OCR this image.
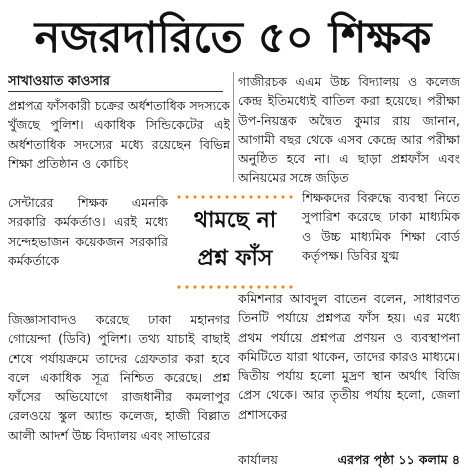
নজরদারিতে ৫০ শিক্ষক
সাখাওয়াত কাওসার

প্রশ্নপত্র ফাঁসকারী চক্রের অর্ধশতাধিক সদস্যকে খুঁজছে পুলিশ। একাধিক সিন্ডিকেটের এই অর্ধশতাধিক সদস্যের মধ্যে রয়েছেন বিভিন্ন শিক্ষা প্রতিষ্ঠান ও কোচিং

সেন্টারের শিক্ষক এমনকি সরকারি কর্মকর্তাও। এরই মধ্যে সন্দেহভাজন কয়েকজন সরকারি কর্মকর্তাকে

জিজ্ঞাসাবাদও করেছে ঢাকা মহানগর গোয়েন্দা (ডিবি) পুলিশ। তথ্য যাচাই বাছাই শেষে পর্যায়ক্রমে তাদের গ্রেফতার করা হবে বলে একাধিক সূত্র নিশ্চিত করেছে। প্রশ্ন ফাঁসের অভিযোগে রাজধানীর কমলাপুর রেলওয়ে স্কুল অ্যান্ড কলেজ, হাজী বিল্লাত আলী আদর্শ উচ্চ বিদ্যালয় এবং সাভারের

থামছে না
প্রশ্ন ফাঁস

গাজীরচক এএম উচ্চ বিদ্যালয় ও কলেজ কেন্দ্র ইতিমধ্যেই বাতিল করা হয়েছে। পরীক্ষা উপ-নিয়ন্ত্রক অদ্বৈত কুমার রায় জানান, আগামী বছর থেকে এসব কেন্দ্রে আর পরীক্ষা অনুষ্ঠিত হবে না। এ ছাড়া প্রশ্নফাঁস এবং অনিয়মের সঙ্গে জড়িত

শিক্ষকদের বিরুদ্ধে ব্যবস্থা নিতে সুপারিশ করেছে ঢাকা মাধ্যমিক ও উচ্চ মাধ্যমিক শিক্ষা বোর্ড কর্তৃপক্ষ। ডিবির যুগ্ম

কমিশনার আবদুল বাতেন বলেন, সাধারণত তিনটি পর্যায়ে প্রশ্নপত্র ফাঁস হয়। এর মধ্যে প্রথম পর্যায়ে প্রশ্নপত্র প্রণয়ন ও ব্যবস্থাপনা কমিটিতে যারা থাকেন, তাদের কারও মাধ্যমে। দ্বিতীয় পর্যায় হলো মুদ্রণ স্থান অর্থাৎ বিজি প্রেস থেকে। আর তৃতীয় পর্যায় হলো, জেলা প্রশাসকের

কার্যালয়	এরপর পৃষ্ঠা ১১ কলাম ৪
